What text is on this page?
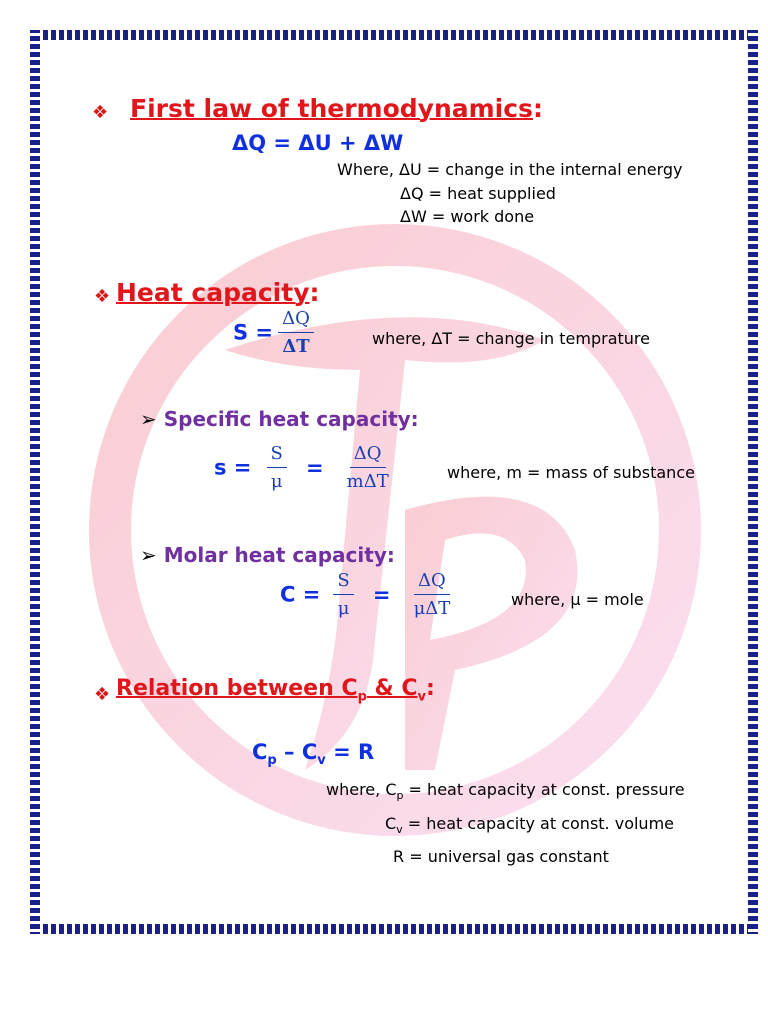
❖ First law of thermodynamics:
ΔQ = ΔU + ΔW
Where, ΔU = change in the internal energy
ΔQ = heat supplied
ΔW = work done
❖ Heat capacity:
$S = \frac{\Delta Q}{\Delta T}$	where, ΔT = change in temprature
➢ Specific heat capacity:
$s = \frac{S}{\mu} = \frac{\Delta Q}{\text{mΔT}}$	where, m = mass of substance
➢ Molar heat capacity:
$C = \frac{S}{\mu} = \frac{\Delta Q}{\text{μΔT}}$	where, μ = mole
❖ Relation between $C_p$ & $C_v$:
$C_p - C_v = R$
where, $C_p$ = heat capacity at const. pressure
$C_v$ = heat capacity at const. volume
R = universal gas constant
